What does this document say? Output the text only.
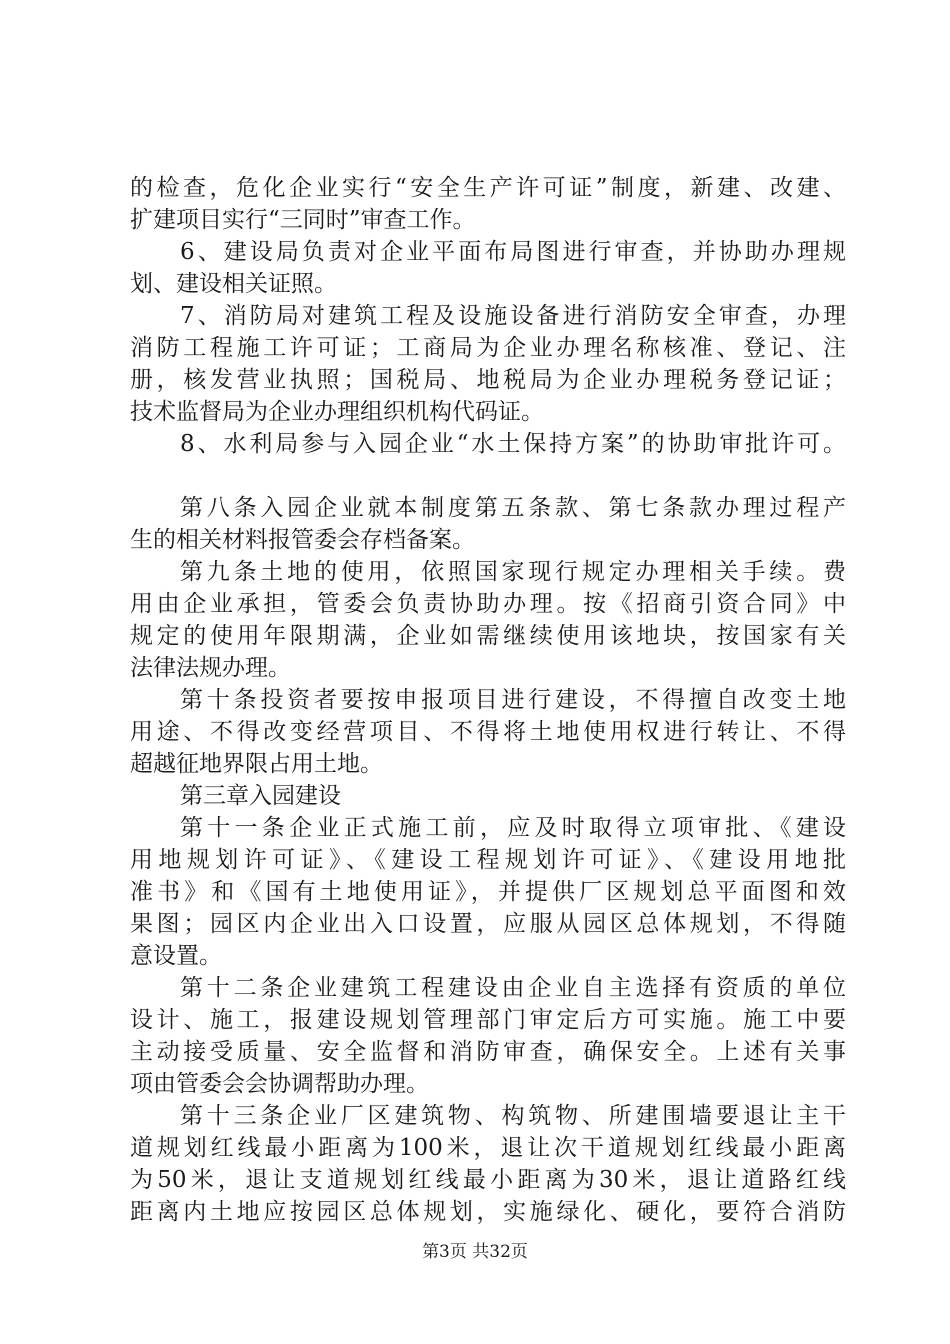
的检查，危化企业实行“安全生产许可证”制度，新建、改建、
扩建项目实行“三同时”审查工作。
6、建设局负责对企业平面布局图进行审查，并协助办理规
划、建设相关证照。
7、消防局对建筑工程及设施设备进行消防安全审查，办理
消防工程施工许可证；工商局为企业办理名称核准、登记、注
册，核发营业执照；国税局、地税局为企业办理税务登记证；
技术监督局为企业办理组织机构代码证。
8、水利局参与入园企业“水土保持方案”的协助审批许可。
第八条入园企业就本制度第五条款、第七条款办理过程产
生的相关材料报管委会存档备案。
第九条土地的使用，依照国家现行规定办理相关手续。费
用由企业承担，管委会负责协助办理。按《招商引资合同》中
规定的使用年限期满，企业如需继续使用该地块，按国家有关
法律法规办理。
第十条投资者要按申报项目进行建设，不得擅自改变土地
用途、不得改变经营项目、不得将土地使用权进行转让、不得
超越征地界限占用土地。
第三章入园建设
第十一条企业正式施工前，应及时取得立项审批、《建设
用地规划许可证》、《建设工程规划许可证》、《建设用地批
准书》和《国有土地使用证》，并提供厂区规划总平面图和效
果图；园区内企业出入口设置，应服从园区总体规划，不得随
意设置。
第十二条企业建筑工程建设由企业自主选择有资质的单位
设计、施工，报建设规划管理部门审定后方可实施。施工中要
主动接受质量、安全监督和消防审查，确保安全。上述有关事
项由管委会会协调帮助办理。
第十三条企业厂区建筑物、构筑物、所建围墙要退让主干
道规划红线最小距离为100米，退让次干道规划红线最小距离
为50米，退让支道规划红线最小距离为30米，退让道路红线
距离内土地应按园区总体规划，实施绿化、硬化，要符合消防
第3页 共32页
